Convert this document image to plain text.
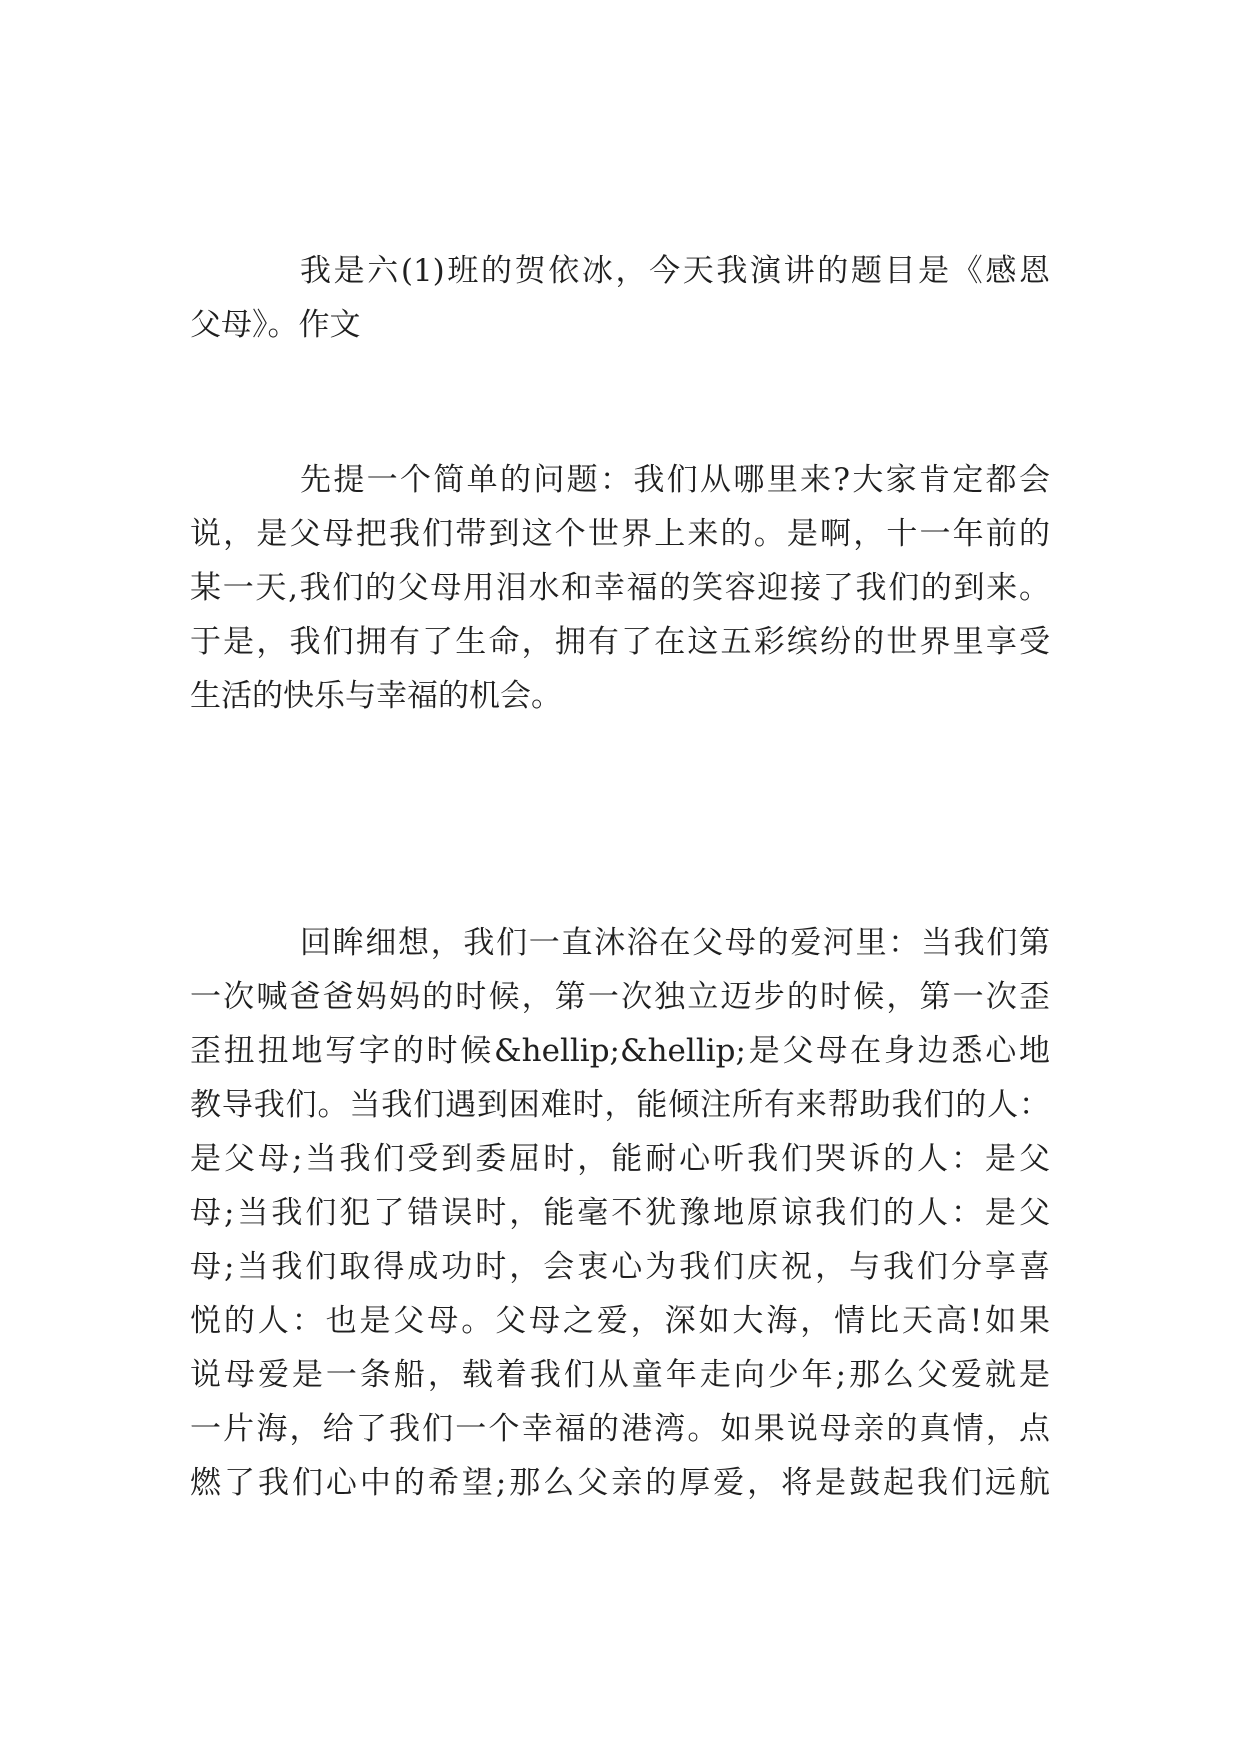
我是六(1)班的贺依冰，今天我演讲的题目是《感恩
父母》。作文
先提一个简单的问题：我们从哪里来?大家肯定都会
说，是父母把我们带到这个世界上来的。是啊，十一年前的
某一天,我们的父母用泪水和幸福的笑容迎接了我们的到来。
于是，我们拥有了生命，拥有了在这五彩缤纷的世界里享受
生活的快乐与幸福的机会。
回眸细想，我们一直沐浴在父母的爱河里：当我们第
一次喊爸爸妈妈的时候，第一次独立迈步的时候，第一次歪
歪扭扭地写字的时候&hellip;&hellip;是父母在身边悉心地
教导我们。当我们遇到困难时，能倾注所有来帮助我们的人：
是父母;当我们受到委屈时，能耐心听我们哭诉的人：是父
母;当我们犯了错误时，能毫不犹豫地原谅我们的人：是父
母;当我们取得成功时，会衷心为我们庆祝，与我们分享喜
悦的人：也是父母。父母之爱，深如大海，情比天高!如果
说母爱是一条船，载着我们从童年走向少年;那么父爱就是
一片海，给了我们一个幸福的港湾。如果说母亲的真情，点
燃了我们心中的希望;那么父亲的厚爱，将是鼓起我们远航
